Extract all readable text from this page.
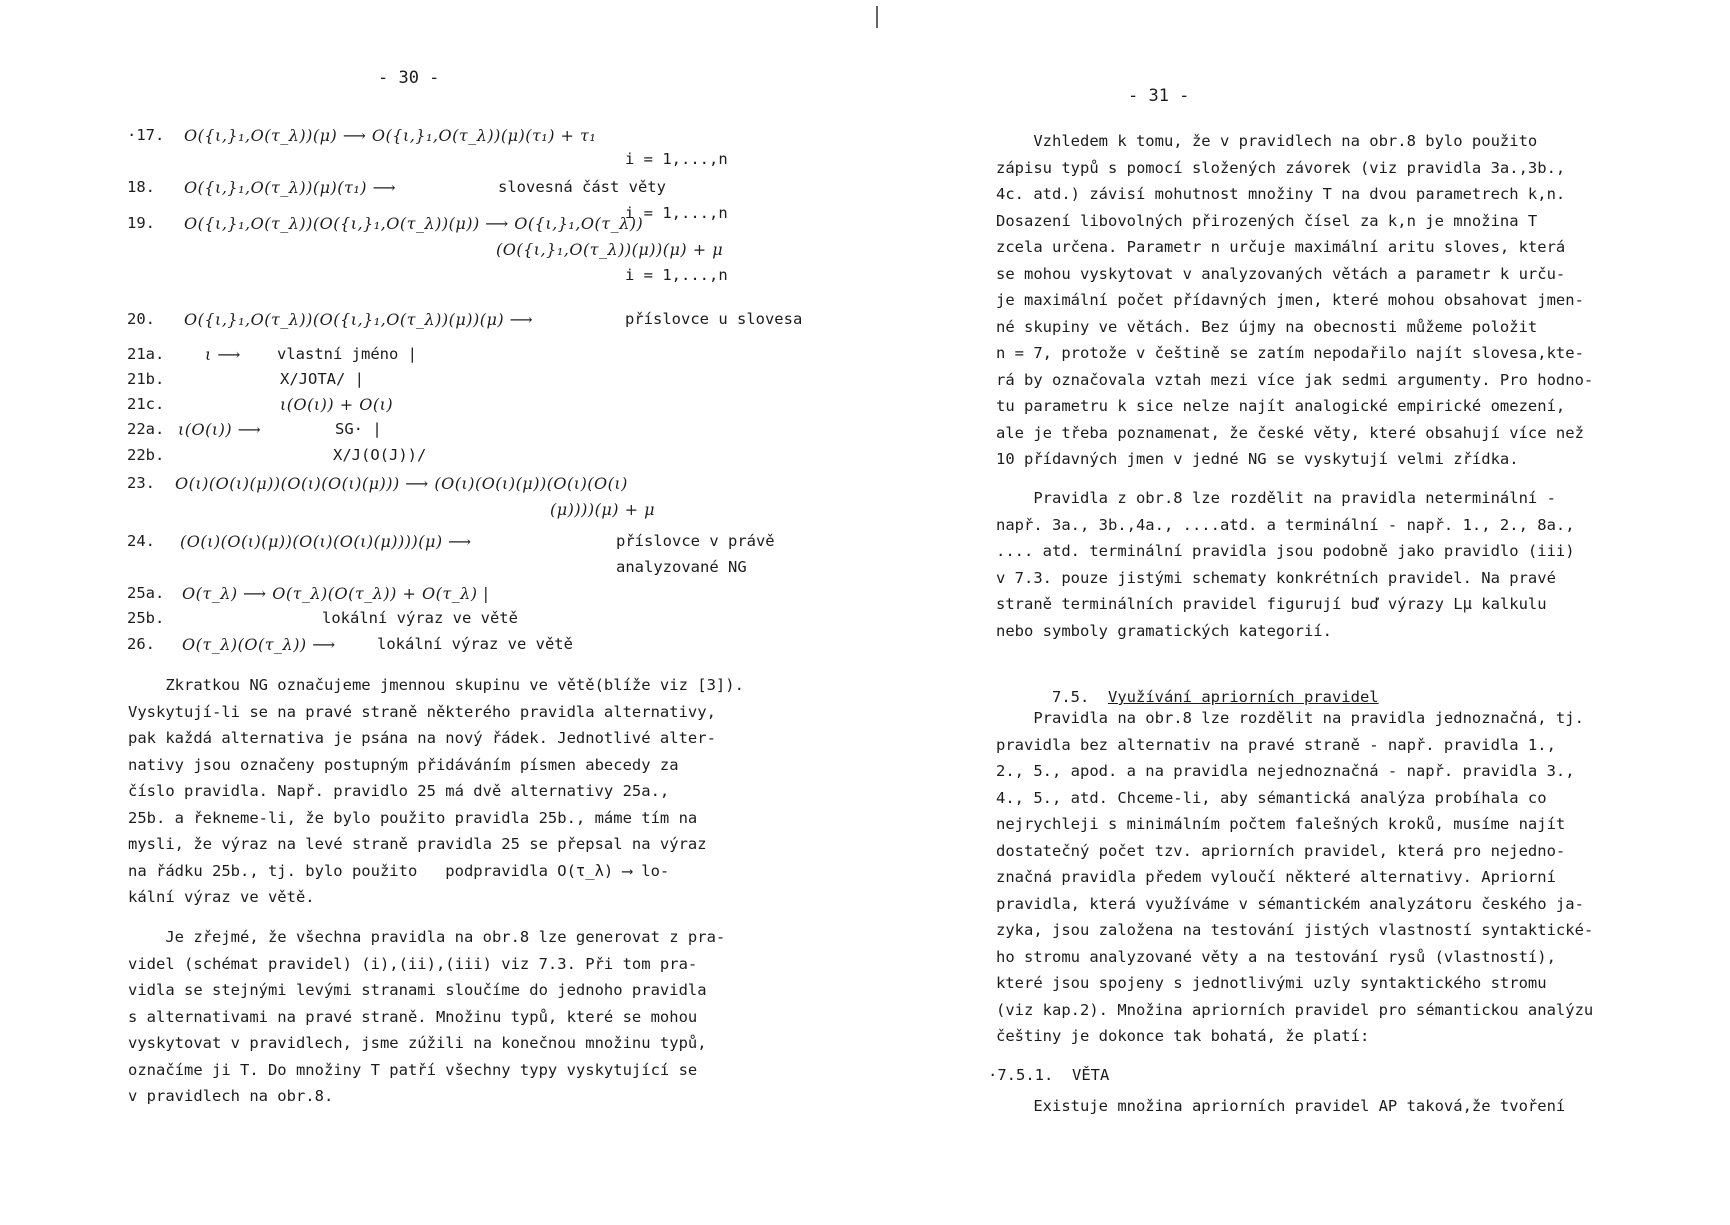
- 30 -
·17. O({ι,}₁,O(τ_λ))(μ) ⟶ O({ι,}₁,O(τ_λ))(μ)(τ₁) + τ₁
i = 1,...,n
18. O({ι,}₁,O(τ_λ))(μ)(τ₁) ⟶	slovesná část věty
i = 1,...,n
19. O({ι,}₁,O(τ_λ))(O({ι,}₁,O(τ_λ))(μ)) ⟶ O({ι,}₁,O(τ_λ))
(O({ι,}₁,O(τ_λ))(μ))(μ) + μ
i = 1,...,n
20. O({ι,}₁,O(τ_λ))(O({ι,}₁,O(τ_λ))(μ))(μ) ⟶	příslovce u slovesa
21a.	ι ⟶ vlastní jméno |
21b.	X/JOTA/ |
21c.	ι(O(ι)) + O(ι)
22a. ι(O(ι)) ⟶	SG· |
22b.	X/J(O(J))/
23. O(ι)(O(ι)(μ))(O(ι)(O(ι)(μ))) ⟶ (O(ι)(O(ι)(μ))(O(ι)(O(ι)
(μ))))(μ) + μ
24. (O(ι)(O(ι)(μ))(O(ι)(O(ι)(μ))))(μ) ⟶	příslovce v právě
analyzované NG
25a. O(τ_λ) ⟶ O(τ_λ)(O(τ_λ)) + O(τ_λ) |
25b.	lokální výraz ve větě
26. O(τ_λ)(O(τ_λ)) ⟶	lokální výraz ve větě
Zkratkou NG označujeme jmennou skupinu ve větě(blíže viz [3]).
Vyskytují-li se na pravé straně některého pravidla alternativy,
pak každá alternativa je psána na nový řádek. Jednotlivé alter-
nativy jsou označeny postupným přidáváním písmen abecedy za
číslo pravidla. Např. pravidlo 25 má dvě alternativy 25a.,
25b. a řekneme-li, že bylo použito pravidla 25b., máme tím na
mysli, že výraz na levé straně pravidla 25 se přepsal na výraz
na řádku 25b., tj. bylo použito   podpravidla O(τ_λ) ⟶ lo-
kální výraz ve větě.
Je zřejmé, že všechna pravidla na obr.8 lze generovat z pra-
videl (schémat pravidel) (i),(ii),(iii) viz 7.3. Při tom pra-
vidla se stejnými levými stranami sloučíme do jednoho pravidla
s alternativami na pravé straně. Množinu typů, které se mohou
vyskytovat v pravidlech, jsme zúžili na konečnou množinu typů,
označíme ji T. Do množiny T patří všechny typy vyskytující se
v pravidlech na obr.8.
- 31 -
Vzhledem k tomu, že v pravidlech na obr.8 bylo použito
zápisu typů s pomocí složených závorek (viz pravidla 3a.,3b.,
4c. atd.) závisí mohutnost množiny T na dvou parametrech k,n.
Dosazení libovolných přirozených čísel za k,n je množina T
zcela určena. Parametr n určuje maximální aritu sloves, která
se mohou vyskytovat v analyzovaných větách a parametr k urču-
je maximální počet přídavných jmen, které mohou obsahovat jmen-
né skupiny ve větách. Bez újmy na obecnosti můžeme položit
n = 7, protože v češtině se zatím nepodařilo najít slovesa,kte-
rá by označovala vztah mezi více jak sedmi argumenty. Pro hodno-
tu parametru k sice nelze najít analogické empirické omezení,
ale je třeba poznamenat, že české věty, které obsahují více než
10 přídavných jmen v jedné NG se vyskytují velmi zřídka.
Pravidla z obr.8 lze rozdělit na pravidla neterminální -
např. 3a., 3b.,4a., ....atd. a terminální - např. 1., 2., 8a.,
.... atd. terminální pravidla jsou podobně jako pravidlo (iii)
v 7.3. pouze jistými schematy konkrétních pravidel. Na pravé
straně terminálních pravidel figurují buď výrazy Lμ kalkulu
nebo symboly gramatických kategorií.

7.5. Využívání apriorních pravidel

Pravidla na obr.8 lze rozdělit na pravidla jednoznačná, tj.
pravidla bez alternativ na pravé straně - např. pravidla 1.,
2., 5., apod. a na pravidla nejednoznačná - např. pravidla 3.,
4., 5., atd. Chceme-li, aby sémantická analýza probíhala co
nejrychleji s minimálním počtem falešných kroků, musíme najít
dostatečný počet tzv. apriorních pravidel, která pro nejedno-
značná pravidla předem vyloučí některé alternativy. Apriorní
pravidla, která využíváme v sémantickém analyzátoru českého ja-
zyka, jsou založena na testování jistých vlastností syntaktické-
ho stromu analyzované věty a na testování rysů (vlastností),
které jsou spojeny s jednotlivými uzly syntaktického stromu
(viz kap.2). Množina apriorních pravidel pro sémantickou analýzu
češtiny je dokonce tak bohatá, že platí:
·7.5.1.  VĚTA
Existuje množina apriorních pravidel AP taková,že tvoření
